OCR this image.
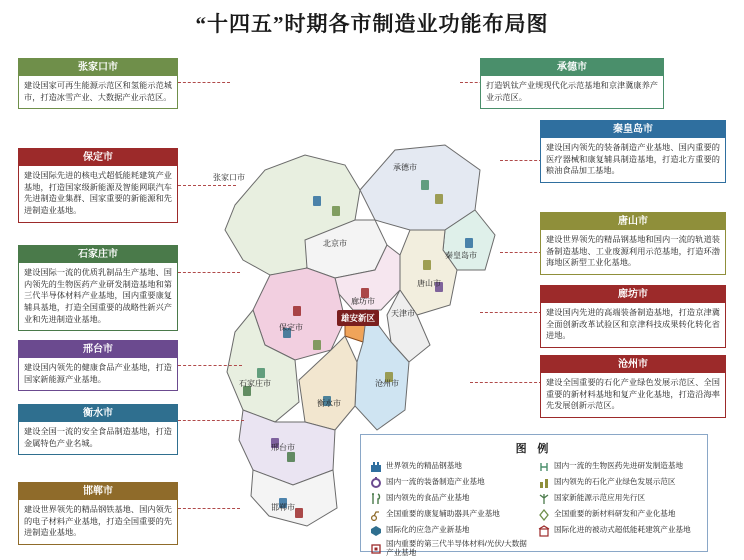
“十四五”时期各市制造业功能布局图
雄安新区
张家口市
承德市
北京市
秦皇岛市
唐山市
廊坊市
天津市
保定市
沧州市
石家庄市
衡水市
邢台市
邯郸市
张家口市
建设国家可再生能源示范区和氢能示范城市，打造冰雪产业、大数据产业示范区。
保定市
建设国际先进的核电式超低能耗建筑产业基地，打造国家级新能源及智能网联汽车先进制造业集群、国家重要的新能源和先进制造业基地。
石家庄市
建设国际一流的优质乳制品生产基地、国内领先的生物医药产业研发制造基地和第三代半导体材料产业基地，国内重要康复辅具基地，打造全国重要的战略性新兴产业和先进制造业基地。
邢台市
建设国内领先的健康食品产业基地，打造国家新能源产业基地。
衡水市
建设全国一流的安全食品制造基地，打造金属特色产业名城。
邯郸市
建设世界领先的精品钢铁基地、国内领先的电子材料产业基地，打造全国重要的先进制造业基地。
承德市
打造钒钛产业规现代化示范基地和京津冀康养产业示范区。
秦皇岛市
建设国内领先的装备制造产业基地、国内重要的医疗器械和康复辅具制造基地，打造北方重要的粮油食品加工基地。
唐山市
建设世界领先的精品钢基地和国内一流的轨道装备制造基地、工业废源利用示范基地，打造环渤海地区新型工业化基地。
廊坊市
建设国内先进的高端装备制造基地，打造京津冀全面创新改革试验区和京津科技成果转化转化省进地。
沧州市
建设全国重要的石化产业绿色发展示范区、全国重要的新材料基地和复产业化基地，打造沿海率先发展创新示范区。
图 例
世界领先的精品钢基地
国内一流的装备制造产业基地
国内领先的食品产业基地
全国重要的康复辅助器具产业基地
国际化的应急产业新基地
国内重要的第三代半导体材料/光伏/大数据产业基地
国内一流的生物医药先进研发制造基地
国内领先的石化产业绿色发展示范区
国家新能源示范应用先行区
全国重要的新材料研发和产业化基地
国际化进的被动式超低能耗建筑产业基地
